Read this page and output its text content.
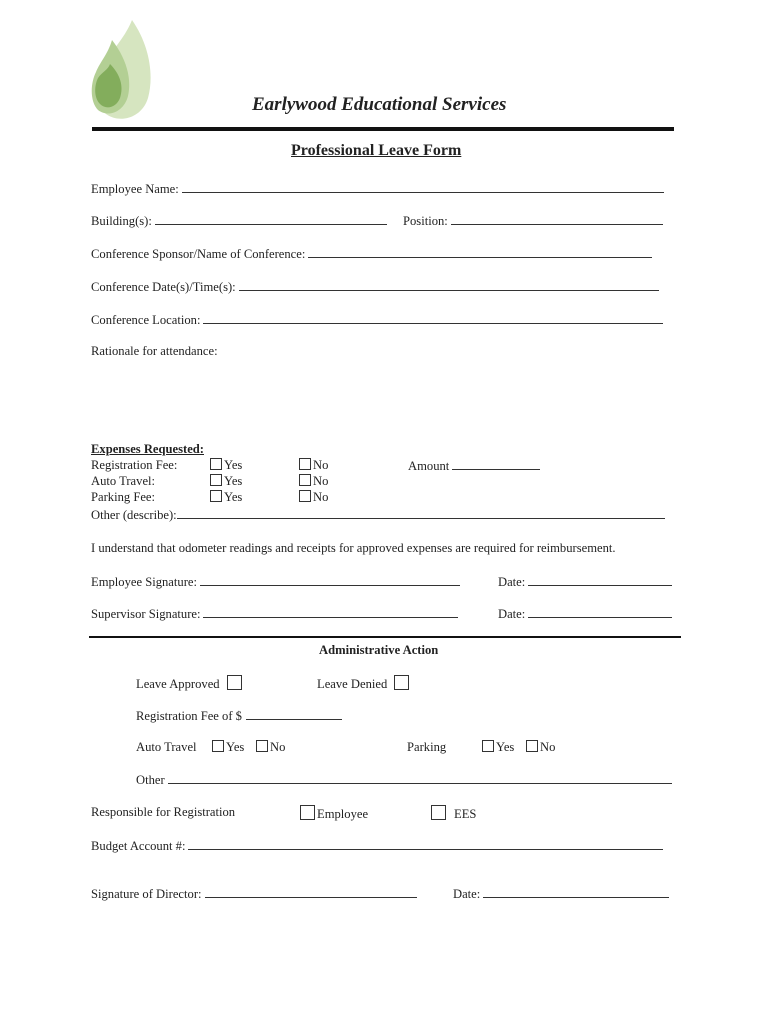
Earlywood Educational Services
Professional Leave Form
Employee Name:
Building(s):	Position:
Conference Sponsor/Name of Conference:
Conference Date(s)/Time(s):
Conference Location:
Rationale for attendance:
Expenses Requested:
Registration Fee:	Yes	No	Amount
Auto Travel:	Yes	No
Parking Fee:	Yes	No
Other (describe):
I understand that odometer readings and receipts for approved expenses are required for reimbursement.
Employee Signature:	Date:
Supervisor Signature:	Date:
Administrative Action
Leave Approved	Leave Denied
Registration Fee of $
Auto Travel	Yes	No	Parking	Yes	No
Other
Responsible for Registration	Employee	EES
Budget Account #:
Signature of Director:	Date:
